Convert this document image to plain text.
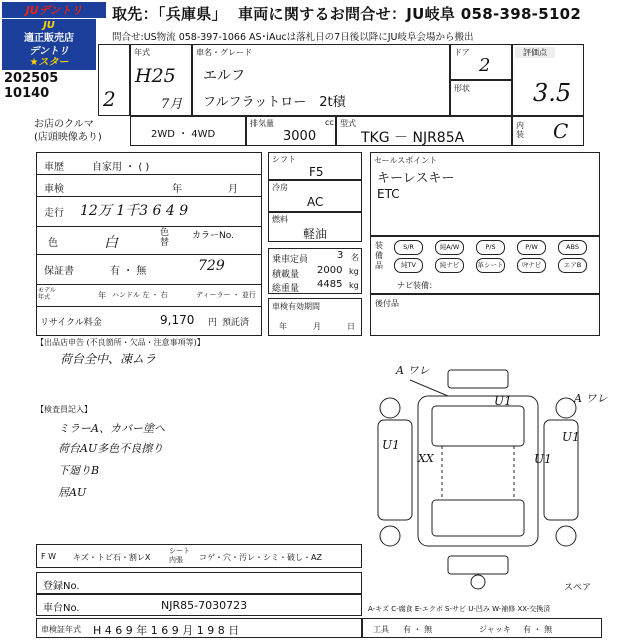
JUデントリ 取先：「兵庫県」 車両に関するお問合せ：JU岐阜 058-398-5102
問合せ:US物流 058-397-1066 AS･iAucは落札日の7日後以降にJU岐阜会場から搬出
JU
適正販売店
デントリ
★スター
202505
10140	2
年式
H25
7月
車名・グレード
エルフ
フルフラットロー　2t積
ドア
2
形状
評価点
3.5
内装 C
お店のクルマ
(店頭映像あり)	2WD ・ 4WD
排気量	cc
3000
型式
TKG － NJR85A
車歴	自家用 ・ ( )
車検	年	月
走行 12万 1千3 6 4 9
色	白
色替
カラーNo.
729
保証書	有 ・ 無
モデル年式	年 ハンドル 左 ・ 右	ディーラー ・ 並行
リサイクル料金	9,170 円 預託済
シフト
F5
冷房
AC
燃料
軽油
乗車定員	3 名
積載量 2000 kg
総重量 4485 kg
車検有効期間
年	月	日
セールスポイント
キーレスキー
ETC
装備品
ナビ装備：
S/R	純A/W	P/S	P/W	ABS
純TV	純ナビ	革シート	ﾘﾔナビ	エアB
後付品
【出品店申告 (不良箇所・欠品・注意事項等)】
荷台全中、凍ムラ
【検査員記入】
ミラーA、カバー塗ヘ
荷台AU多色不良擦り
下廻りB
居AU
A ワレ
U1
U1
XX	U1
U1
A ワレ
スペア
F W キズ・トビ石・割レX
シート内張	コゲ・穴・汚レ・シミ・破し・AZ
登録No.
車台No.	NJR85-7030723	A-キズ C-腐食 E-エクボ S-サビ U-凹み W-補修 XX-交換済
車検証年式 H 4 6 9 年 1 6 9 月 1 9 8 日	工具 有 ・ 無	ジャッキ 有 ・ 無
